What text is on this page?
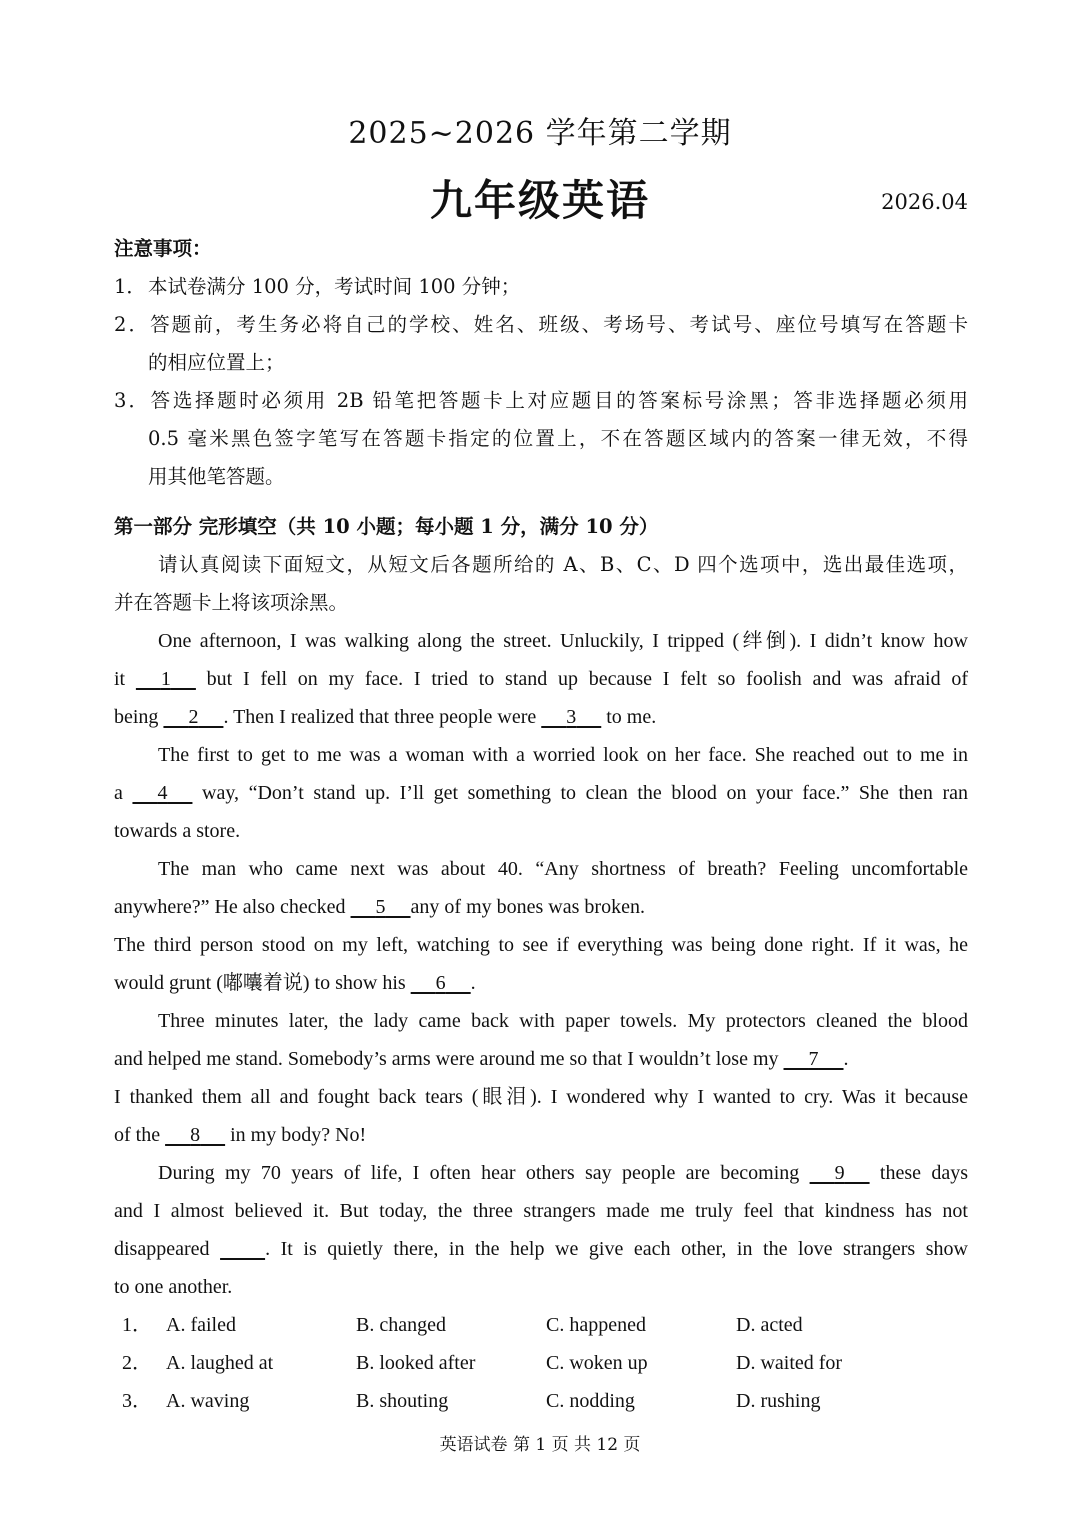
2025~2026 学年第二学期
九年级英语	2026.04
注意事项：
1． 本试卷满分 100 分，考试时间 100 分钟；
2．答题前，考生务必将自己的学校、姓名、班级、考场号、考试号、座位号填写在答题卡
的相应位置上；
3．答选择题时必须用 2B 铅笔把答题卡上对应题目的答案标号涂黑；答非选择题必须用
0.5 毫米黑色签字笔写在答题卡指定的位置上，不在答题区域内的答案一律无效，不得
用其他笔答题。
第一部分 完形填空（共 10 小题；每小题 1 分，满分 10 分）
请认真阅读下面短文，从短文后各题所给的 A、B、C、D 四个选项中，选出最佳选项，
并在答题卡上将该项涂黑。
One afternoon, I was walking along the street. Unluckily, I tripped (绊倒). I didn’t know how
it 1 but I fell on my face. I tried to stand up because I felt so foolish and was afraid of
being 2 . Then I realized that three people were 3 to me.
The first to get to me was a woman with a worried look on her face. She reached out to me in
a 4 way, “Don’t stand up. I’ll get something to clean the blood on your face.” She then ran
towards a store.
The man who came next was about 40. “Any shortness of breath? Feeling uncomfortable
anywhere?” He also checked 5 any of my bones was broken.
The third person stood on my left, watching to see if everything was being done right. If it was, he
would grunt (嘟囔着说) to show his 6 .
Three minutes later, the lady came back with paper towels. My protectors cleaned the blood
and helped me stand. Somebody’s arms were around me so that I wouldn’t lose my 7 .
I thanked them all and fought back tears (眼泪). I wondered why I wanted to cry. Was it because
of the 8 in my body? No!
During my 70 years of life, I often hear others say people are becoming 9 these days
and I almost believed it. But today, the three strangers made me truly feel that kindness has not
disappeared	. It is quietly there, in the help we give each other, in the love strangers show
to one another.
1． A. failed	B. changed	C. happened	D. acted
2． A. laughed at	B. looked after	C. woken up	D. waited for
3． A. waving	B. shouting	C. nodding	D. rushing
英语试卷 第 1 页 共 12 页
